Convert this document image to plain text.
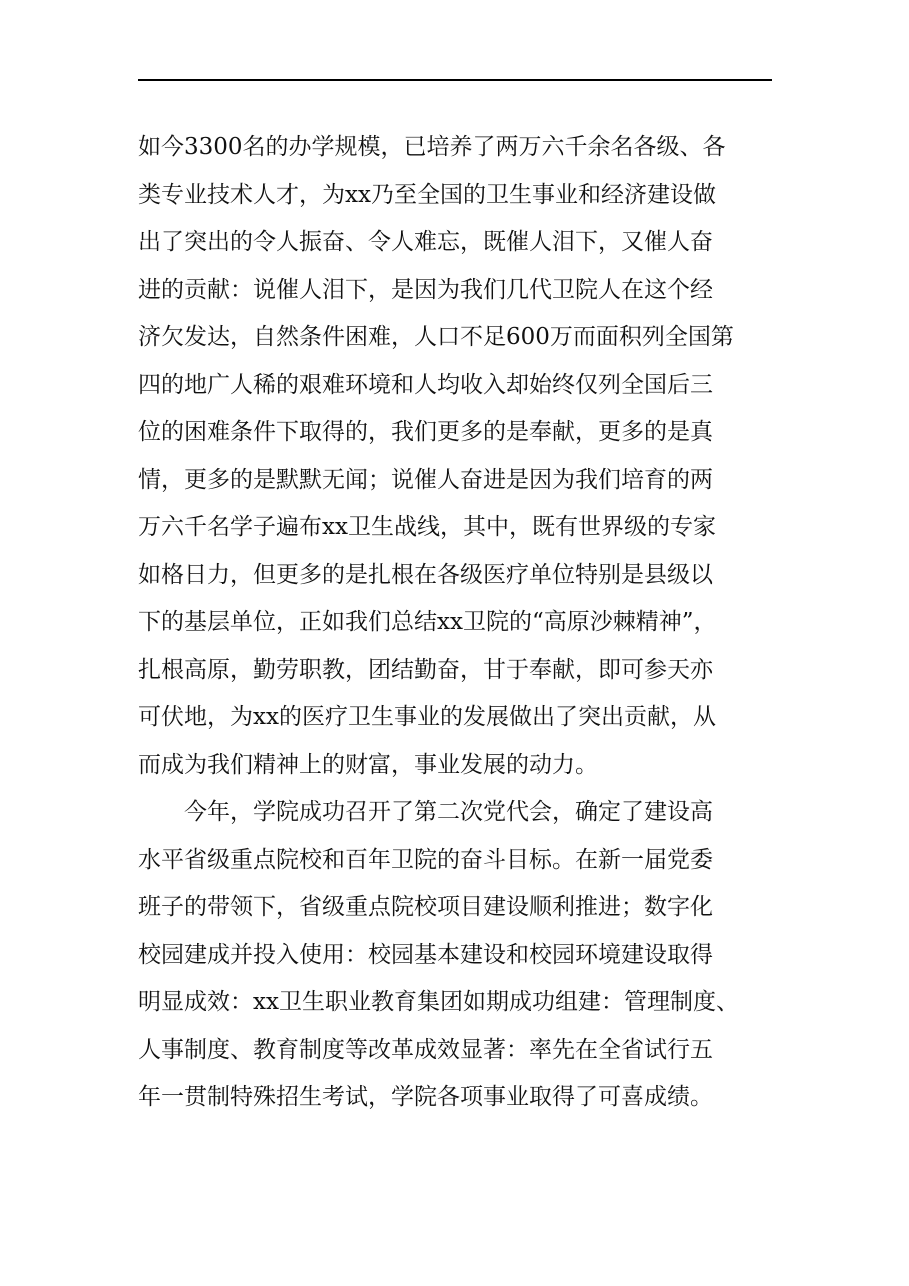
如今3300名的办学规模，已培养了两万六千余名各级、各
类专业技术人才，为xx乃至全国的卫生事业和经济建设做
出了突出的令人振奋、令人难忘，既催人泪下，又催人奋
进的贡献：说催人泪下，是因为我们几代卫院人在这个经
济欠发达，自然条件困难，人口不足600万而面积列全国第
四的地广人稀的艰难环境和人均收入却始终仅列全国后三
位的困难条件下取得的，我们更多的是奉献，更多的是真
情，更多的是默默无闻；说催人奋进是因为我们培育的两
万六千名学子遍布xx卫生战线，其中，既有世界级的专家
如格日力，但更多的是扎根在各级医疗单位特别是县级以
下的基层单位，正如我们总结xx卫院的“高原沙棘精神”，
扎根高原，勤劳职教，团结勤奋，甘于奉献，即可参天亦
可伏地，为xx的医疗卫生事业的发展做出了突出贡献，从
而成为我们精神上的财富，事业发展的动力。
今年，学院成功召开了第二次党代会，确定了建设高
水平省级重点院校和百年卫院的奋斗目标。在新一届党委
班子的带领下，省级重点院校项目建设顺利推进；数字化
校园建成并投入使用：校园基本建设和校园环境建设取得
明显成效：xx卫生职业教育集团如期成功组建：管理制度、
人事制度、教育制度等改革成效显著：率先在全省试行五
年一贯制特殊招生考试，学院各项事业取得了可喜成绩。
